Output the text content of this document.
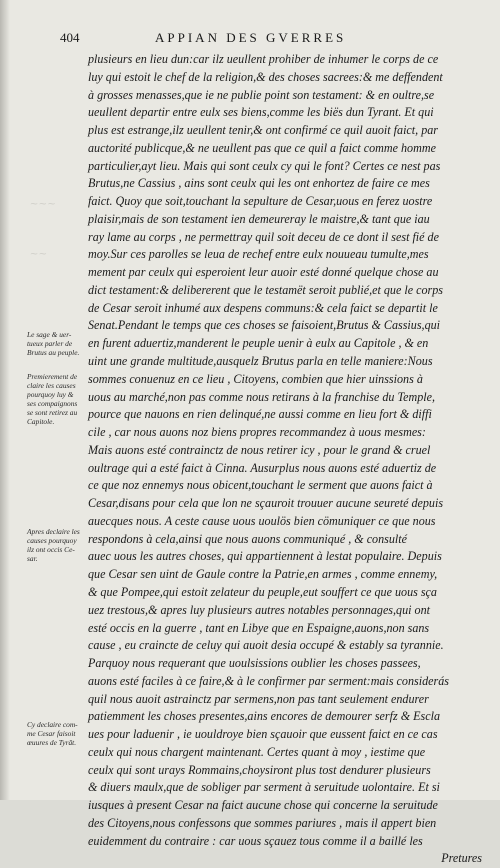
404	APPIAN DES GVERRES
⁓ ⁓ ⁓
⁓ ⁓
plusieurs en lieu dun:car ilz ueullent prohiber de inhumer le corps de ce
luy qui estoit le chef de la religion,& des choses sacrees:& me deffendent
à grosses menasses,que ie ne publie point son testament: & en oultre,se
ueullent departir entre eulx ses biens,comme les biës dun Tyrant. Et qui
plus est estrange,ilz ueullent tenir,& ont confirmé ce quil auoit faict, par
auctorité publicque,& ne ueullent pas que ce quil a faict comme homme
particulier,ayt lieu. Mais qui sont ceulx cy qui le font? Certes ce nest pas
Brutus,ne Cassius , ains sont ceulx qui les ont enhortez de faire ce mes
faict. Quoy que soit,touchant la sepulture de Cesar,uous en ferez uostre
plaisir,mais de son testament ien demeureray le maistre,& tant que iau
ray lame au corps , ne permettray quil soit deceu de ce dont il sest fié de
moy.Sur ces parolles se leua de rechef entre eulx nouueau tumulte,mes
mement par ceulx qui esperoient leur auoir esté donné quelque chose au
dict testament:& delibererent que le testamët seroit publié,et que le corps
de Cesar seroit inhumé aux despens communs:& cela faict se departit le
Senat.Pendant le temps que ces choses se faisoient,Brutus & Cassius,qui
en furent aduertiz,manderent le peuple uenir à eulx au Capitole , & en
uint une grande multitude,ausquelz Brutus parla en telle maniere:Nous
sommes conuenuz en ce lieu , Citoyens, combien que hier uinssions à
uous au marché,non pas comme nous retirans à la franchise du Temple,
pource que nauons en rien delinqué,ne aussi comme en lieu fort & diffi
cile , car nous auons noz biens propres recommandez à uous mesmes:
Mais auons esté contrainctz de nous retirer icy , pour le grand & cruel
oultrage qui a esté faict à Cinna. Ausurplus nous auons esté aduertiz de
ce que noz ennemys nous obicent,touchant le serment que auons faict à
Cesar,disans pour cela que lon ne sçauroit trouuer aucune seureté depuis
auecques nous. A ceste cause uous uoulös bien cömuniquer ce que nous
respondons à cela,ainsi que nous auons communiqué , & consulté
auec uous les autres choses, qui appartiennent à lestat populaire. Depuis
que Cesar sen uint de Gaule contre la Patrie,en armes , comme ennemy,
& que Pompee,qui estoit zelateur du peuple,eut souffert ce que uous sça
uez trestous,& apres luy plusieurs autres notables personnages,qui ont
esté occis en la guerre , tant en Libye que en Espaigne,auons,non sans
cause , eu craincte de celuy qui auoit desia occupé & estably sa tyrannie.
Parquoy nous requerant que uoulsissions oublier les choses passees,
auons esté faciles à ce faire,& à le confirmer par serment:mais considerás
quil nous auoit astrainctz par sermens,non pas tant seulement endurer
patiemment les choses presentes,ains encores de demourer serfz & Escla
ues pour laduenir , ie uouldroye bien sçauoir que eussent faict en ce cas
ceulx qui nous chargent maintenant. Certes quant à moy , iestime que
ceulx qui sont urays Rommains,choysiront plus tost dendurer plusieurs
& diuers maulx,que de sobliger par serment à seruitude uolontaire. Et si
iusques à present Cesar na faict aucune chose qui concerne la seruitude
des Citoyens,nous confessons que sommes pariures , mais il appert bien
euidemment du contraire : car uous sçauez tous comme il a baillé les
Pretures
Le sage & uer-
tueux parler de
Brutus au peuple.
Premierement de
claire les causes
pourquoy luy &
ses compaignons
se sont retirez au
Capitole.
Apres declaire les
causes pourquoy
ilz ont occis Ce-
sar.
Cy declaire com-
me Cesar faisoit
œuures de Tyrãt.
